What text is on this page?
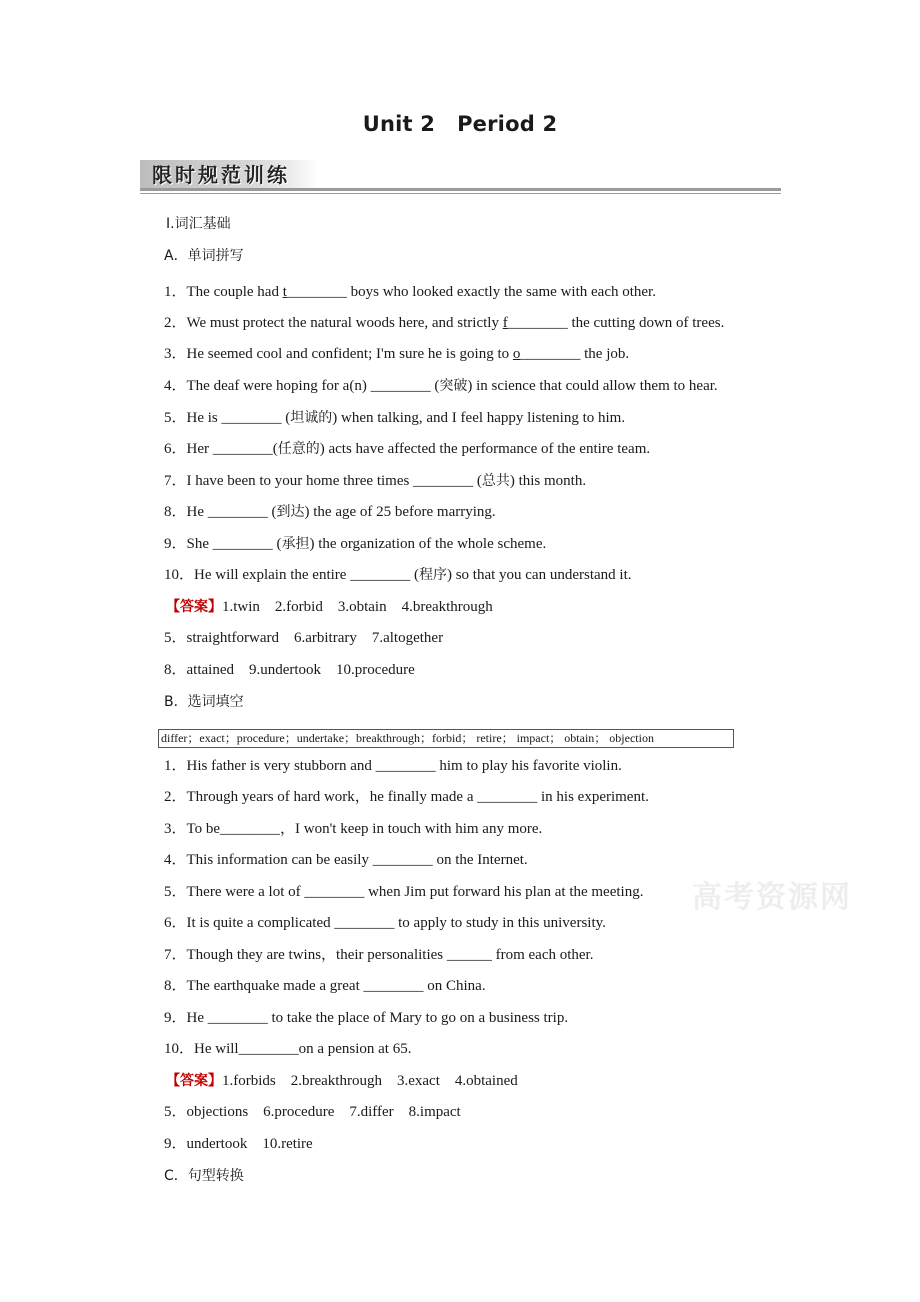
Unit 2 Period 2
限时规范训练
Ⅰ.词汇基础
A．单词拼写
1．The couple had t________ boys who looked exactly the same with each other.
2．We must protect the natural woods here, and strictly f________ the cutting down of trees.
3．He seemed cool and confident; I'm sure he is going to o________ the job.
4．The deaf were hoping for a(n) ________ (突破) in science that could allow them to hear.
5．He is ________ (坦诚的) when talking, and I feel happy listening to him.
6．Her ________(任意的) acts have affected the performance of the entire team.
7．I have been to your home three times ________ (总共) this month.
8．He ________ (到达) the age of 25 before marrying.
9．She ________ (承担) the organization of the whole scheme.
10．He will explain the entire ________ (程序) so that you can understand it.
【答案】1.twin　2.forbid　3.obtain　4.breakthrough
5．straightforward　6.arbitrary　7.altogether
8．attained　9.undertook　10.procedure
B．选词填空
differ；exact；procedure；undertake；breakthrough；forbid； retire； impact； obtain； objection
1．His father is very stubborn and ________ him to play his favorite violin.
2．Through years of hard work，he finally made a ________ in his experiment.
3．To be________，I won't keep in touch with him any more.
4．This information can be easily ________ on the Internet.
5．There were a lot of ________ when Jim put forward his plan at the meeting.
6．It is quite a complicated ________ to apply to study in this university.
7．Though they are twins，their personalities ______ from each other.
8．The earthquake made a great ________ on China.
9．He ________ to take the place of Mary to go on a business trip.
10．He will________on a pension at 65.
【答案】1.forbids　2.breakthrough　3.exact　4.obtained
5．objections　6.procedure　7.differ　8.impact
9．undertook　10.retire
C．句型转换
高考资源网
